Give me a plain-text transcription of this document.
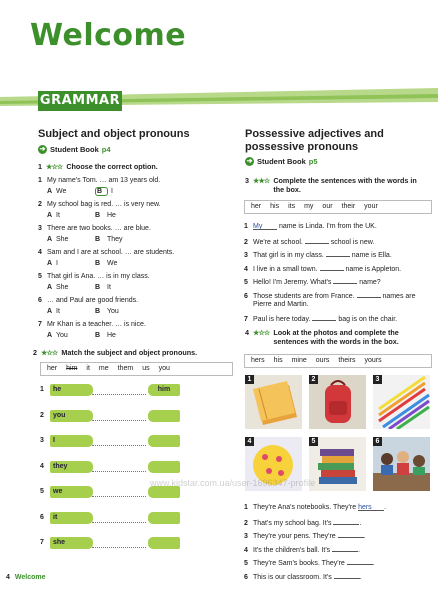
Welcome
GRAMMAR
Subject and object pronouns
➔ Student Book p4
1 ★☆☆ Choose the correct option.
1 My name's Tom. … am 13 years old.
A We	B I
2 My school bag is red. … is very new.
A It	B He
3 There are two books. … are blue.
A She	B They
4 Sam and I are at school. … are students.
A I	B We
5 That girl is Ana. … is in my class.
A She	B It
6 … and Paul are good friends.
A It	B You
7 Mr Khan is a teacher. … is nice.
A You	B He
2 ★☆☆ Match the subject and object pronouns.
her him it me them us you
1	he	him
2	you
3	I
4	they
5	we
6	it
7	she
Possessive adjectives and possessive pronouns
➔ Student Book p5
3 ★★☆ Complete the sentences with the words in the box.
her his its my our their your
1 My name is Linda. I'm from the UK.
2 We're at school.	school is new.
3 That girl is in my class.	name is Ella.
4 I live in a small town.	name is Appleton.
5 Hello! I'm Jeremy. What's	name?
6 Those students are from France.	names are
Pierre and Martin.
7 Paul is here today.	bag is on the chair.
4 ★☆☆ Look at the photos and complete the sentences with the words in the box.
hers his mine ours theirs yours
1	2	3
4	5	6
1 They're Ana's notebooks. They're hers .
2 That's my school bag. It's	.
3 They're your pens. They're	.
4 It's the children's ball. It's	.
5 They're Sam's books. They're	.
6 This is our classroom. It's	.
4 Welcome
www.kidstar.com.ua/user-1696347-profile
